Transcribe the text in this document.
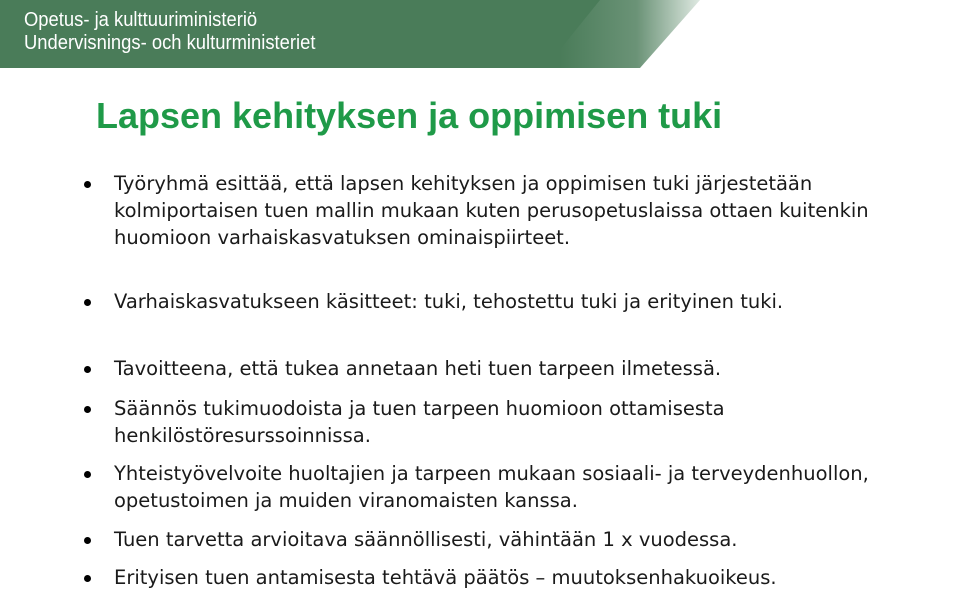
Opetus- ja kulttuuriministeriö
Undervisnings- och kulturministeriet
Lapsen kehityksen ja oppimisen tuki
Työryhmä esittää, että lapsen kehityksen ja oppimisen tuki järjestetään kolmiportaisen tuen mallin mukaan kuten perusopetuslaissa ottaen kuitenkin huomioon varhaiskasvatuksen ominaispiirteet.
Varhaiskasvatukseen käsitteet: tuki, tehostettu tuki ja erityinen tuki.
Tavoitteena, että tukea annetaan heti tuen tarpeen ilmetessä.
Säännös tukimuodoista ja tuen tarpeen huomioon ottamisesta henkilöstöresurssoinnissa.
Yhteistyövelvoite huoltajien ja tarpeen mukaan sosiaali- ja terveydenhuollon, opetustoimen ja muiden viranomaisten kanssa.
Tuen tarvetta arvioitava säännöllisesti, vähintään 1 x vuodessa.
Erityisen tuen antamisesta tehtävä päätös – muutoksenhakuoikeus.
